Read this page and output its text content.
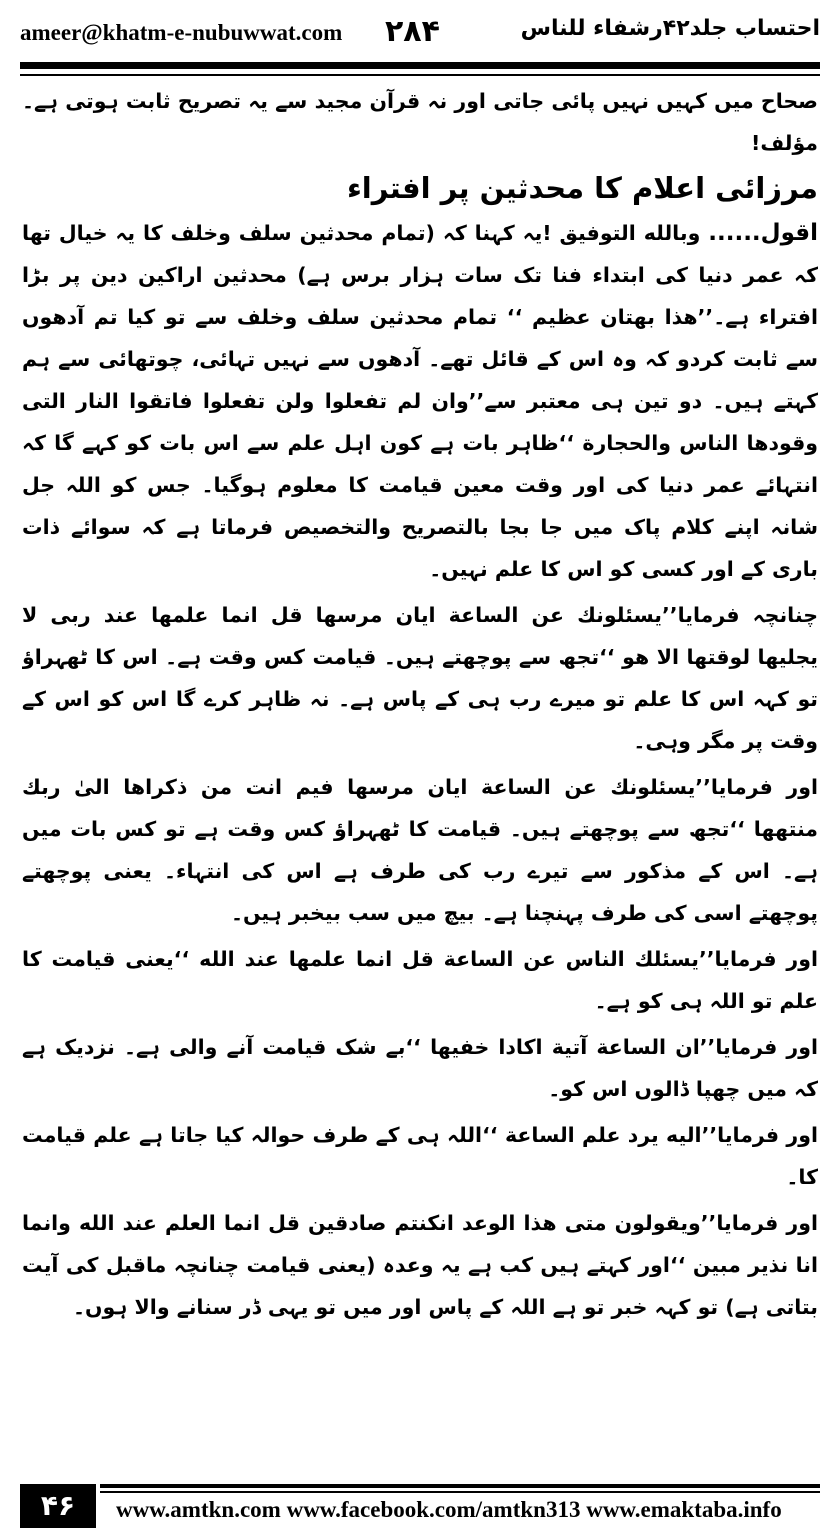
ameer@khatm-e-nubuwwat.com ۲۸۴	احتساب جلد۴۲رشفاء للناس

صحاح میں کہیں نہیں پائی جاتی اور نہ قرآن مجید سے یہ تصریح ثابت ہوتی ہے۔ مؤلف!

مرزائی اعلام کا محدثین پر افتراء

اقول...... وبالله التوفيق !یہ کہنا کہ (تمام محدثین سلف وخلف کا یہ خیال تھا کہ عمر دنیا کی ابتداء فنا تک سات ہزار برس ہے) محدثین اراکین دین پر بڑا افتراء ہے۔’’ھذا بھتان عظیم ‘‘ تمام محدثین سلف وخلف سے تو کیا تم آدھوں سے ثابت کردو کہ وہ اس کے قائل تھے۔ آدھوں سے نہیں تہائی، چوتھائی سے ہم کہتے ہیں۔ دو تین ہی معتبر سے’’وان لم تفعلوا ولن تفعلوا فاتقوا النار التی وقودھا الناس والحجارة ‘‘ظاہر بات ہے کون اہل علم سے اس بات کو کہے گا کہ انتہائے عمر دنیا کی اور وقت معین قیامت کا معلوم ہوگیا۔ جس کو اللہ جل شانہ اپنے کلام پاک میں جا بجا بالتصریح والتخصیص فرماتا ہے کہ سوائے ذات باری کے اور کسی کو اس کا علم نہیں۔

چنانچہ فرمایا’’یسئلونك عن الساعة ایان مرسھا قل انما علمھا عند ربی لا یجلیھا لوقتھا الا ھو ‘‘تجھ سے پوچھتے ہیں۔ قیامت کس وقت ہے۔ اس کا ٹھہراؤ تو کہہ اس کا علم تو میرے رب ہی کے پاس ہے۔ نہ ظاہر کرے گا اس کو اس کے وقت پر مگر وہی۔

اور فرمایا’’یسئلونك عن الساعة ایان مرسھا فیم انت من ذکراھا الیٰ ربك منتھھا ‘‘تجھ سے پوچھتے ہیں۔ قیامت کا ٹھہراؤ کس وقت ہے تو کس بات میں ہے۔ اس کے مذکور سے تیرے رب کی طرف ہے اس کی انتہاء۔ یعنی پوچھتے پوچھتے اسی کی طرف پہنچنا ہے۔ بیچ میں سب بیخبر ہیں۔

اور فرمایا’’یسئلك الناس عن الساعة قل انما علمھا عند الله ‘‘یعنی قیامت کا علم تو اللہ ہی کو ہے۔

اور فرمایا’’ان الساعة آتیة اکادا خفیھا ‘‘بے شک قیامت آنے والی ہے۔ نزدیک ہے کہ میں چھپا ڈالوں اس کو۔

اور فرمایا’’الیه یرد علم الساعة ‘‘اللہ ہی کے طرف حوالہ کیا جاتا ہے علم قیامت کا۔

اور فرمایا’’ویقولون متی ھذا الوعد انکنتم صادقین قل انما العلم عند الله وانما انا نذیر مبین ‘‘اور کہتے ہیں کب ہے یہ وعدہ (یعنی قیامت چنانچہ ماقبل کی آیت بتاتی ہے) تو کہہ خبر تو ہے اللہ کے پاس اور میں تو یہی ڈر سنانے والا ہوں۔

۴۶	www.amtkn.com www.facebook.com/amtkn313 www.emaktaba.info
